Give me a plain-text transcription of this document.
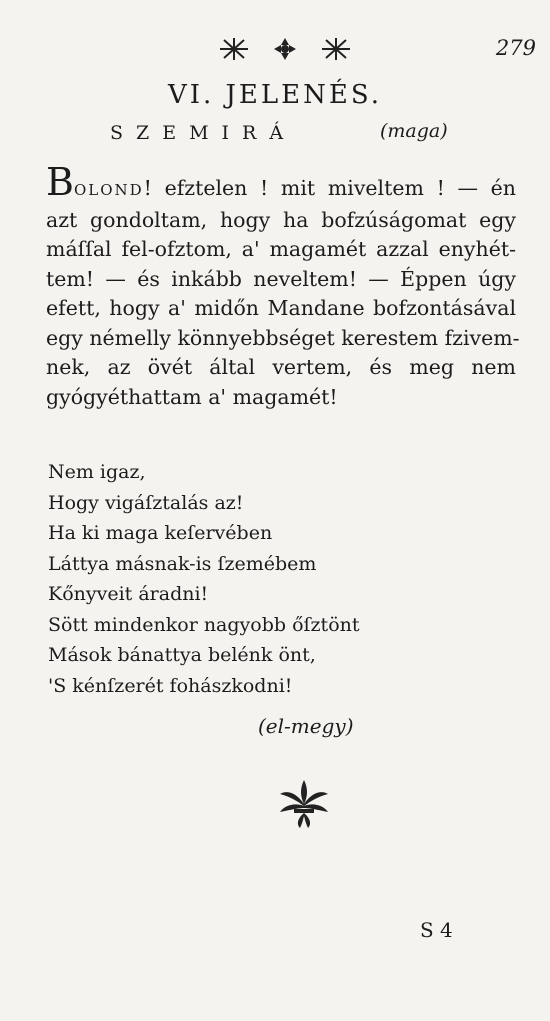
279
VI. JELENÉS.
SZEMIRÁ	(maga)
BOLOND! efztelen ! mit miveltem ! — én
azt gondoltam, hogy ha bofzúságomat egy
máſſal fel-ofztom, a' magamét azzal enyhét-
tem! — és inkább neveltem! — Éppen úgy
efett, hogy a' midőn Mandane bofzontásával
egy némelly könnyebbséget kerestem fzivem-
nek, az övét által vertem, és meg nem
gyógyéthattam a' magamét!
Nem igaz,
Hogy vigáſztalás az!
Ha ki maga keſervében
Láttya másnak-is ſzemébem
Kőnyveit áradni!
Sött mindenkor nagyobb őſztönt
Mások bánattya belénk önt,
'S kénſzerét fohászkodni!
(el-megy)
S 4
